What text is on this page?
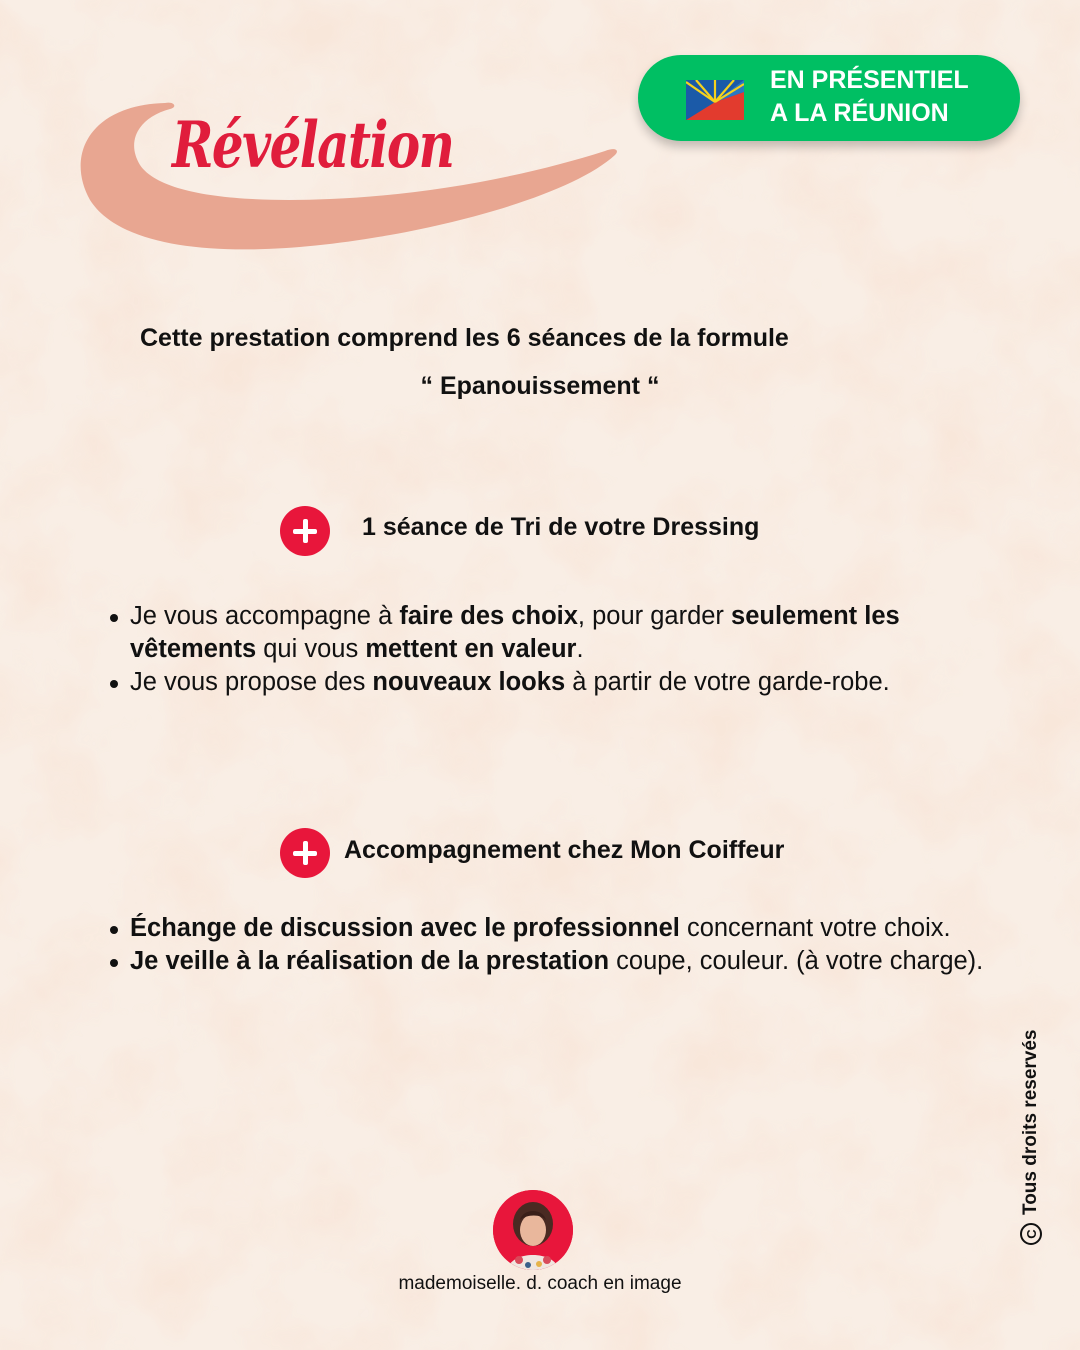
Révélation
EN PRÉSENTIEL
A LA RÉUNION
Cette prestation comprend les 6 séances de la formule
“ Epanouissement “
1 séance de Tri de votre Dressing
Je vous accompagne à faire des choix, pour garder seulement les vêtements qui vous mettent en valeur.
Je vous propose des nouveaux looks à partir de votre garde-robe.
Accompagnement chez Mon Coiffeur
Échange de discussion avec le professionnel concernant votre choix.
Je veille à la réalisation de la prestation coupe, couleur. (à votre charge).
C
Tous droits reservés
mademoiselle. d. coach en image
